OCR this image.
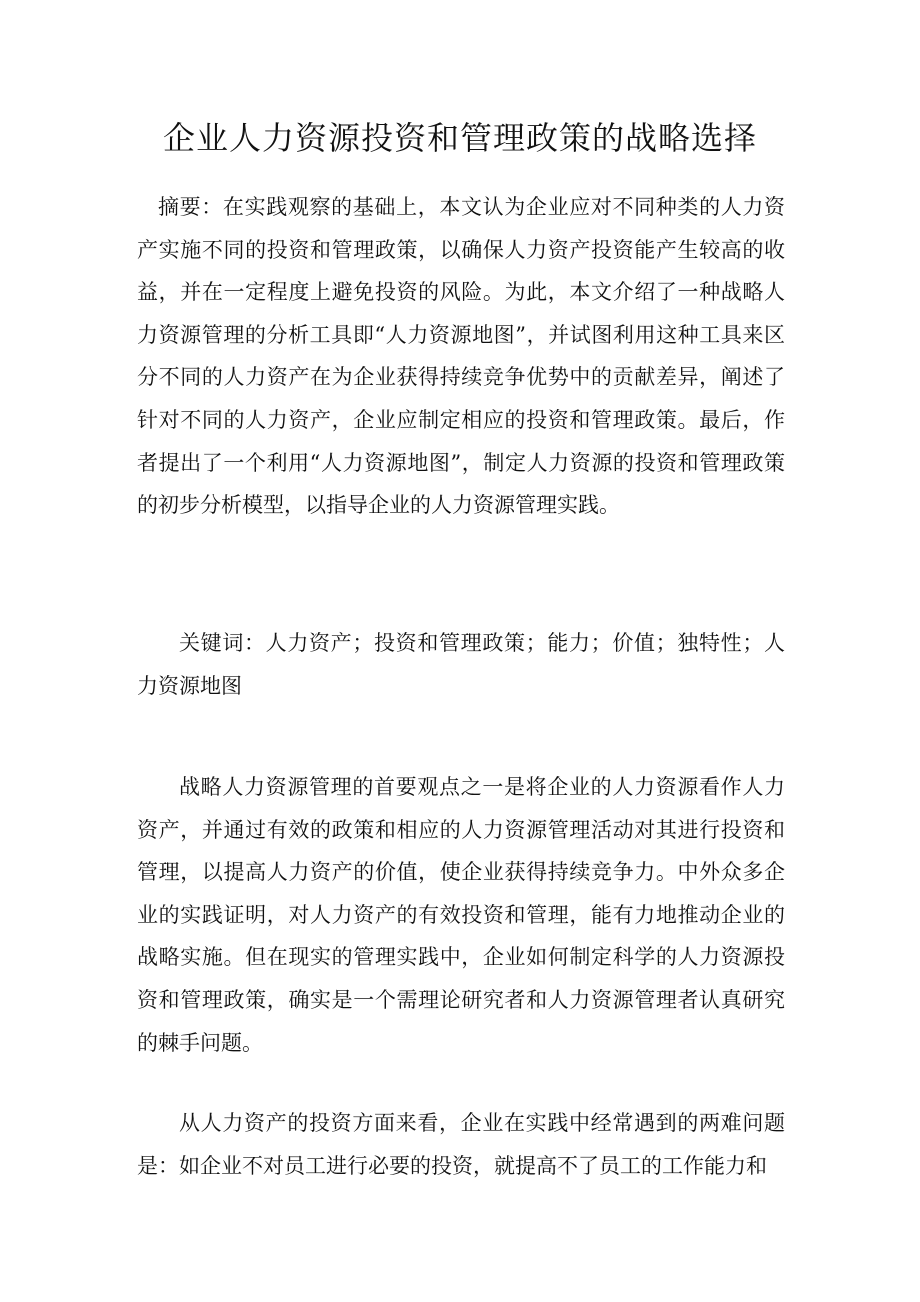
企业人力资源投资和管理政策的战略选择

摘要：在实践观察的基础上，本文认为企业应对不同种类的人力资产实施不同的投资和管理政策，以确保人力资产投资能产生较高的收益，并在一定程度上避免投资的风险。为此，本文介绍了一种战略人力资源管理的分析工具即“人力资源地图”，并试图利用这种工具来区分不同的人力资产在为企业获得持续竞争优势中的贡献差异，阐述了针对不同的人力资产，企业应制定相应的投资和管理政策。最后，作者提出了一个利用“人力资源地图”，制定人力资源的投资和管理政策的初步分析模型，以指导企业的人力资源管理实践。

关键词：人力资产；投资和管理政策；能力；价值；独特性；人力资源地图

战略人力资源管理的首要观点之一是将企业的人力资源看作人力资产，并通过有效的政策和相应的人力资源管理活动对其进行投资和管理，以提高人力资产的价值，使企业获得持续竞争力。中外众多企业的实践证明，对人力资产的有效投资和管理，能有力地推动企业的战略实施。但在现实的管理实践中，企业如何制定科学的人力资源投资和管理政策，确实是一个需理论研究者和人力资源管理者认真研究的棘手问题。

从人力资产的投资方面来看，企业在实践中经常遇到的两难问题是：如企业不对员工进行必要的投资，就提高不了员工的工作能力和
